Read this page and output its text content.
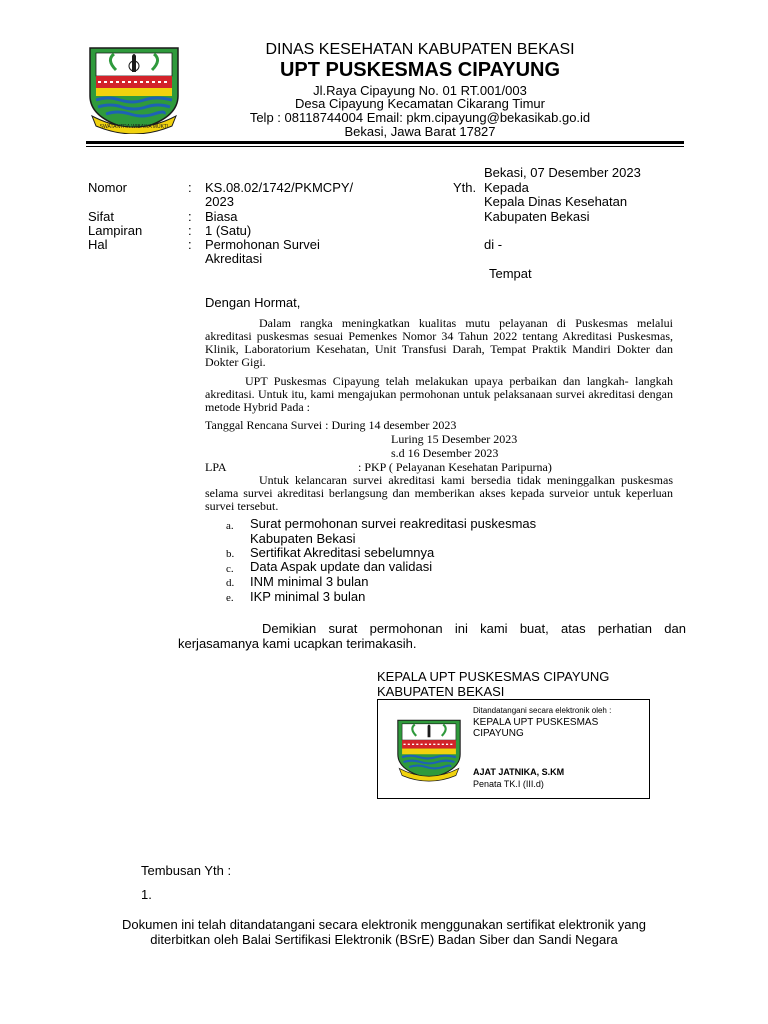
SWATANTRA WIBAWA MUKTI
DINAS KESEHATAN KABUPATEN BEKASI
UPT PUSKESMAS CIPAYUNG
Jl.Raya Cipayung No. 01 RT.001/003
Desa Cipayung Kecamatan Cikarang Timur
Telp : 08118744004 Email: pkm.cipayung@bekasikab.go.id
Bekasi, Jawa Barat 17827
Bekasi, 07 Desember 2023
Nomor	: KS.08.02/1742/PKMCPY/
2023
Sifat	: Biasa
Lampiran	: 1 (Satu)
Hal	: Permohonan Survei
Akreditasi
Yth. Kepada
Kepala Dinas Kesehatan
Kabupaten Bekasi
di -
Tempat
Dengan Hormat,
Dalam rangka meningkatkan kualitas mutu pelayanan di Puskesmas melalui akreditasi puskesmas sesuai Pemenkes Nomor 34 Tahun 2022 tentang Akreditasi Puskesmas, Klinik, Laboratorium Kesehatan, Unit Transfusi Darah, Tempat Praktik Mandiri Dokter dan Dokter Gigi.
UPT Puskesmas Cipayung telah melakukan upaya perbaikan dan langkah- langkah akreditasi. Untuk itu, kami mengajukan permohonan untuk pelaksanaan survei akreditasi dengan metode Hybrid Pada :
Tanggal Rencana Survei : During 14 desember 2023
Luring 15 Desember 2023
s.d 16 Desember 2023
LPA	: PKP ( Pelayanan Kesehatan Paripurna)
Untuk kelancaran survei akreditasi kami bersedia tidak meninggalkan puskesmas selama survei akreditasi berlangsung dan memberikan akses kepada surveior untuk keperluan survei tersebut.
a. Surat permohonan survei reakreditasi puskesmas
Kabupaten Bekasi
b. Sertifikat Akreditasi sebelumnya
c. Data Aspak update dan validasi
d. INM minimal 3 bulan
e. IKP minimal 3 bulan
Demikian surat permohonan ini kami buat, atas perhatian dan kerjasamanya kami ucapkan terimakasih.
KEPALA UPT PUSKESMAS CIPAYUNG
KABUPATEN BEKASI
Ditandatangani secara elektronik oleh :
KEPALA UPT PUSKESMAS
CIPAYUNG
AJAT JATNIKA, S.KM
Penata TK.I (III.d)
Tembusan Yth :
1.
Dokumen ini telah ditandatangani secara elektronik menggunakan sertifikat elektronik yang
diterbitkan oleh Balai Sertifikasi Elektronik (BSrE) Badan Siber dan Sandi Negara
